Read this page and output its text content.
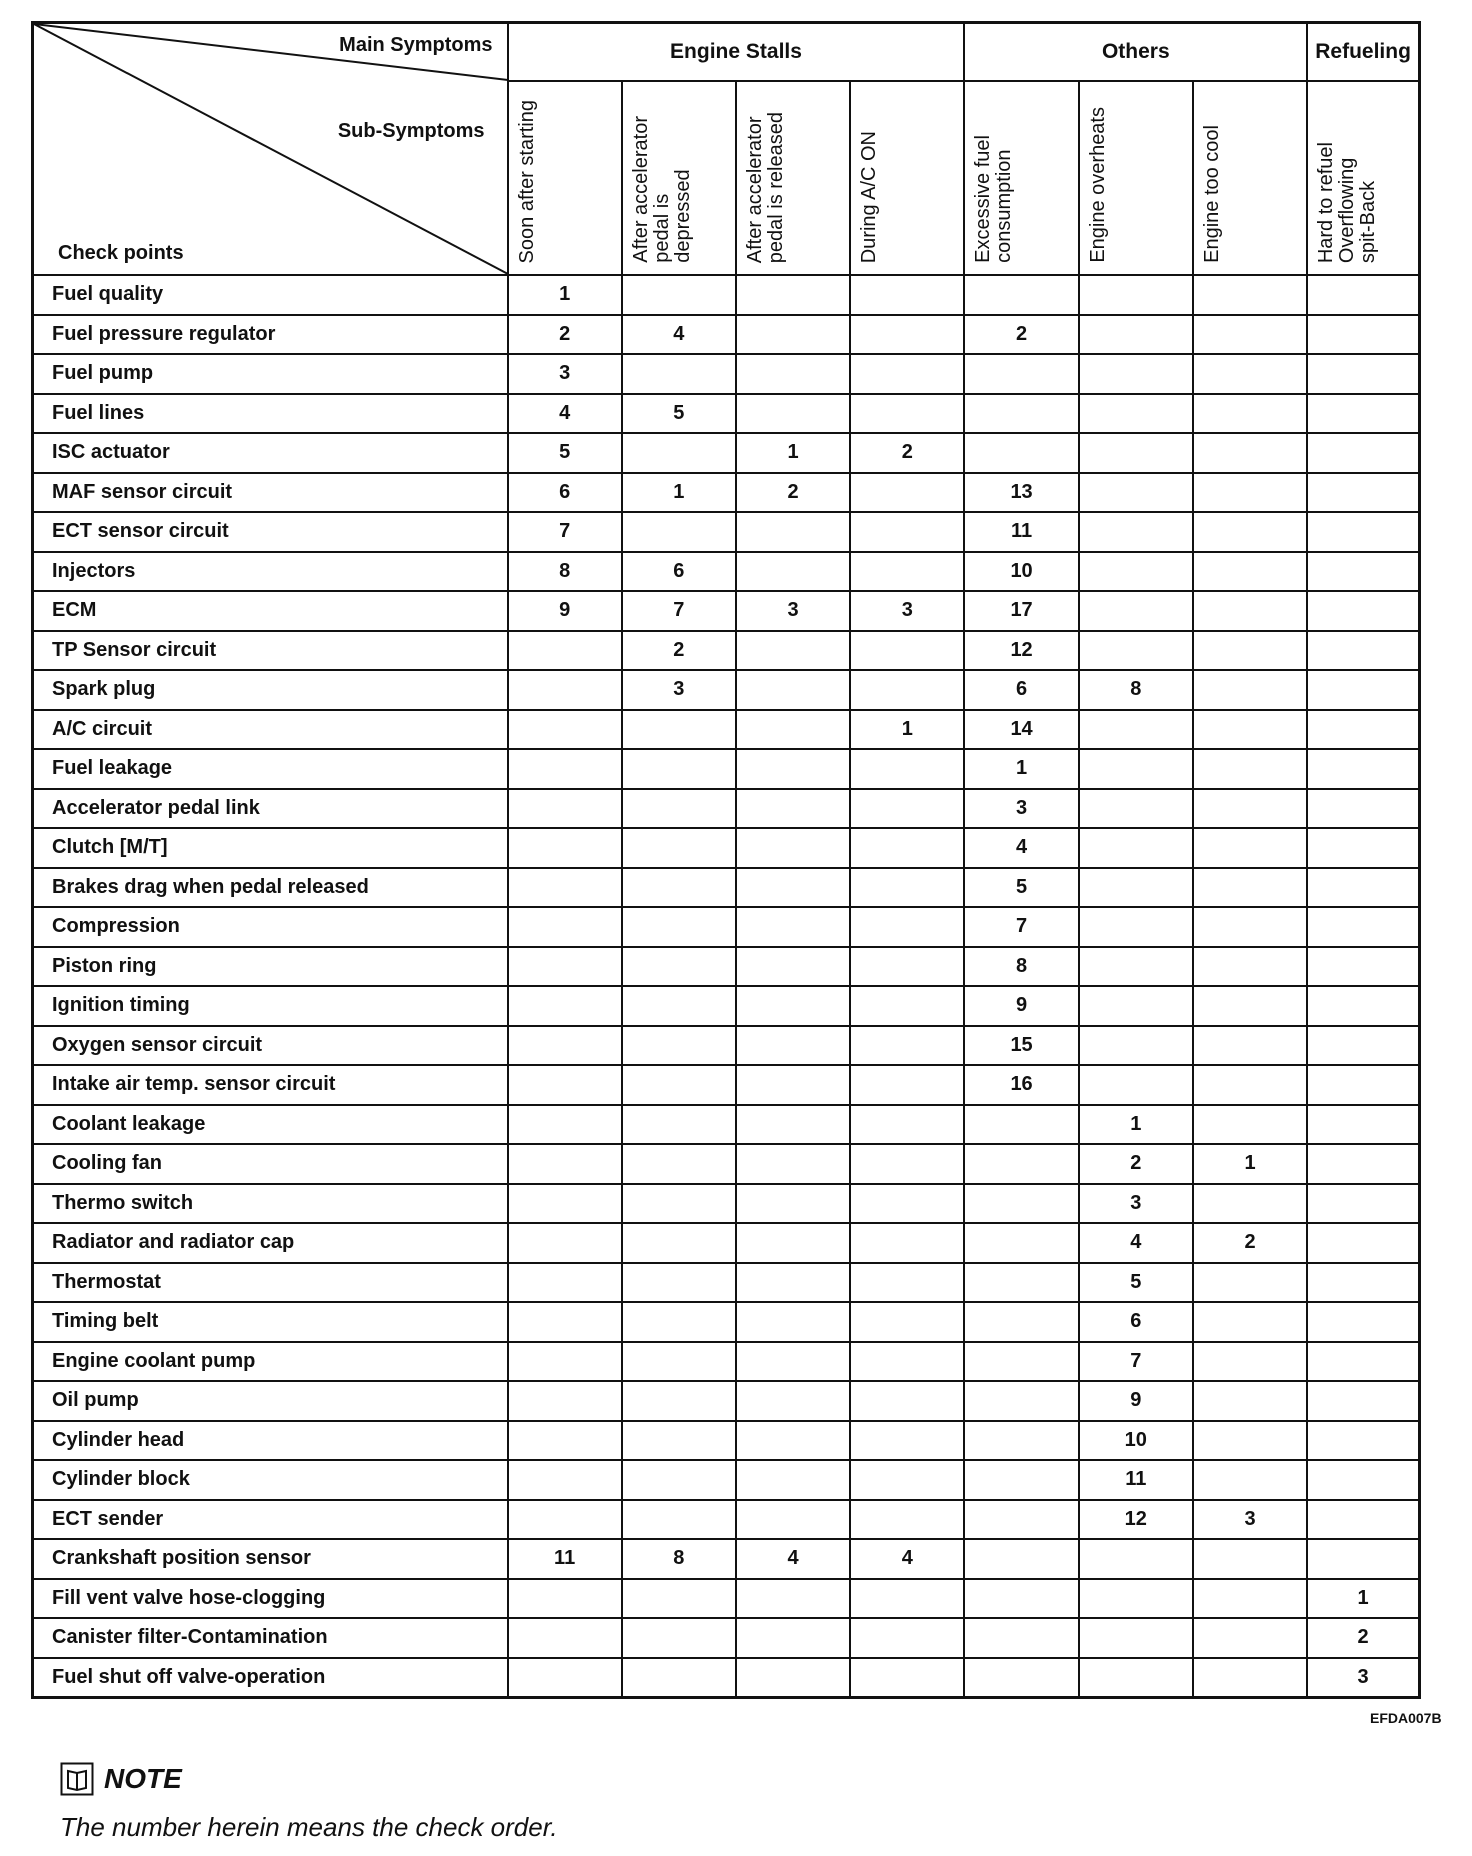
Main Symptoms
Sub-Symptoms
Check points	Engine Stalls				Others			Refueling
	Soon after starting	After accelerator
pedal is
depressed	After accelerator
pedal is released	During A/C ON	Excessive fuel
consumption	Engine overheats	Engine too cool	Hard to refuel
Overflowing
spit-Back
Fuel quality	1							
Fuel pressure regulator	2	4			2			
Fuel pump	3							
Fuel lines	4	5						
ISC actuator	5		1	2				
MAF sensor circuit	6	1	2		13			
ECT sensor circuit	7				11			
Injectors	8	6			10			
ECM	9	7	3	3	17			
TP Sensor circuit		2			12			
Spark plug		3			6	8		
A/C circuit				1	14			
Fuel leakage					1			
Accelerator pedal link					3			
Clutch [M/T]					4			
Brakes drag when pedal released					5			
Compression					7			
Piston ring					8			
Ignition timing					9			
Oxygen sensor circuit					15			
Intake air temp. sensor circuit					16			
Coolant leakage						1		
Cooling fan						2	1	
Thermo switch						3		
Radiator and radiator cap						4	2	
Thermostat						5		
Timing belt						6		
Engine coolant pump						7		
Oil pump						9		
Cylinder head						10		
Cylinder block						11		
ECT sender						12	3	
Crankshaft position sensor	11	8	4	4				
Fill vent valve hose-clogging								1
Canister filter-Contamination								2
Fuel shut off valve-operation								3
EFDA007B
NOTE
The number herein means the check order.
